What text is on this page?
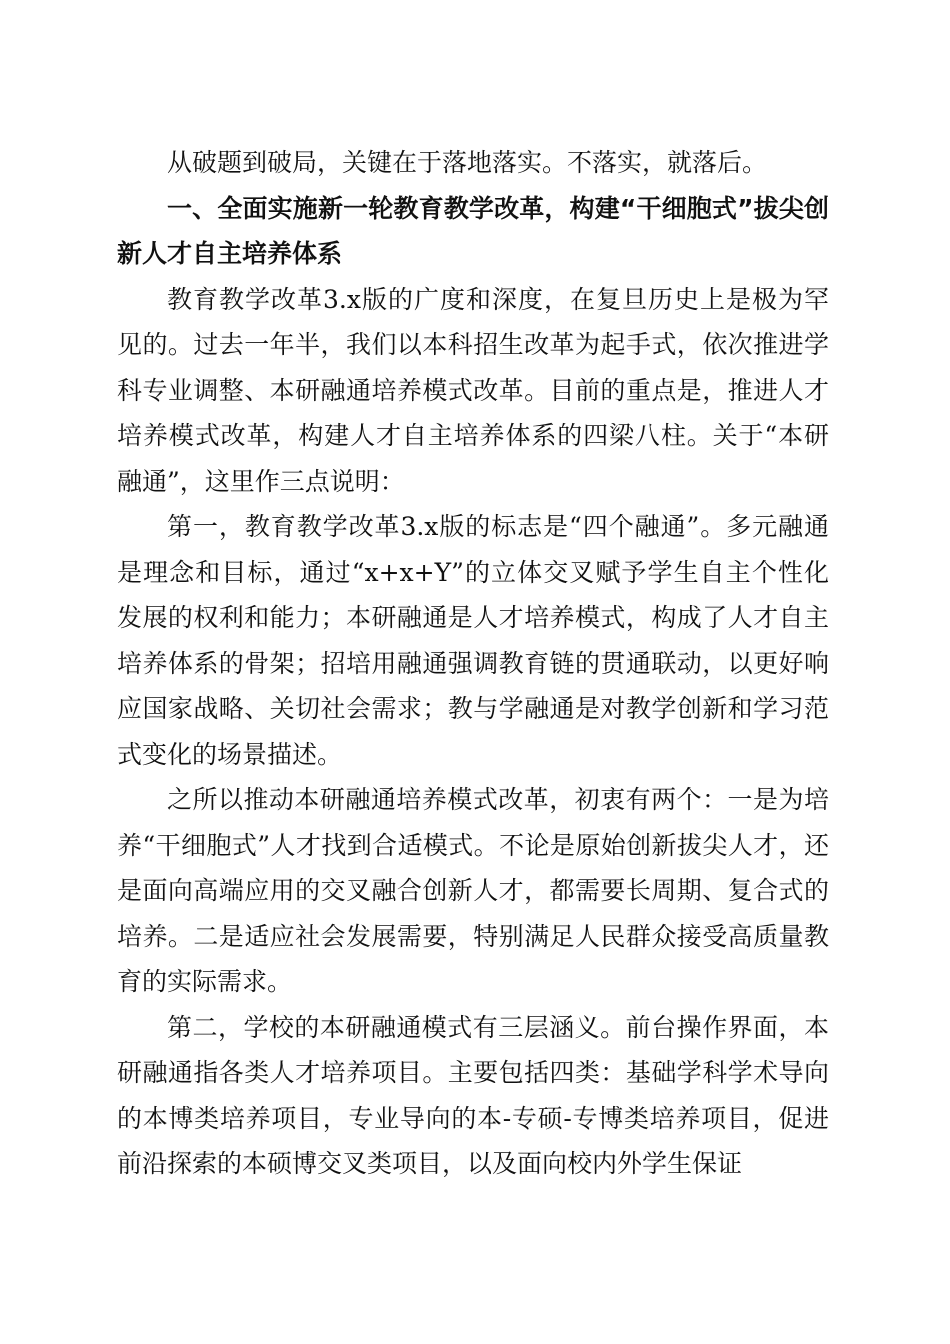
从破题到破局，关键在于落地落实。不落实，就落后。

一、全面实施新一轮教育教学改革，构建“干细胞式”拔尖创新人才自主培养体系

教育教学改革3.x版的广度和深度，在复旦历史上是极为罕见的。过去一年半，我们以本科招生改革为起手式，依次推进学科专业调整、本研融通培养模式改革。目前的重点是，推进人才培养模式改革，构建人才自主培养体系的四梁八柱。关于“本研融通”，这里作三点说明：

第一，教育教学改革3.x版的标志是“四个融通”。多元融通是理念和目标，通过“x+x+Y”的立体交叉赋予学生自主个性化发展的权利和能力；本研融通是人才培养模式，构成了人才自主培养体系的骨架；招培用融通强调教育链的贯通联动，以更好响应国家战略、关切社会需求；教与学融通是对教学创新和学习范式变化的场景描述。

之所以推动本研融通培养模式改革，初衷有两个：一是为培养“干细胞式”人才找到合适模式。不论是原始创新拔尖人才，还是面向高端应用的交叉融合创新人才，都需要长周期、复合式的培养。二是适应社会发展需要，特别满足人民群众接受高质量教育的实际需求。

第二，学校的本研融通模式有三层涵义。前台操作界面，本研融通指各类人才培养项目。主要包括四类：基础学科学术导向的本博类培养项目，专业导向的本-专硕-专博类培养项目，促进前沿探索的本硕博交叉类项目，以及面向校内外学生保证
